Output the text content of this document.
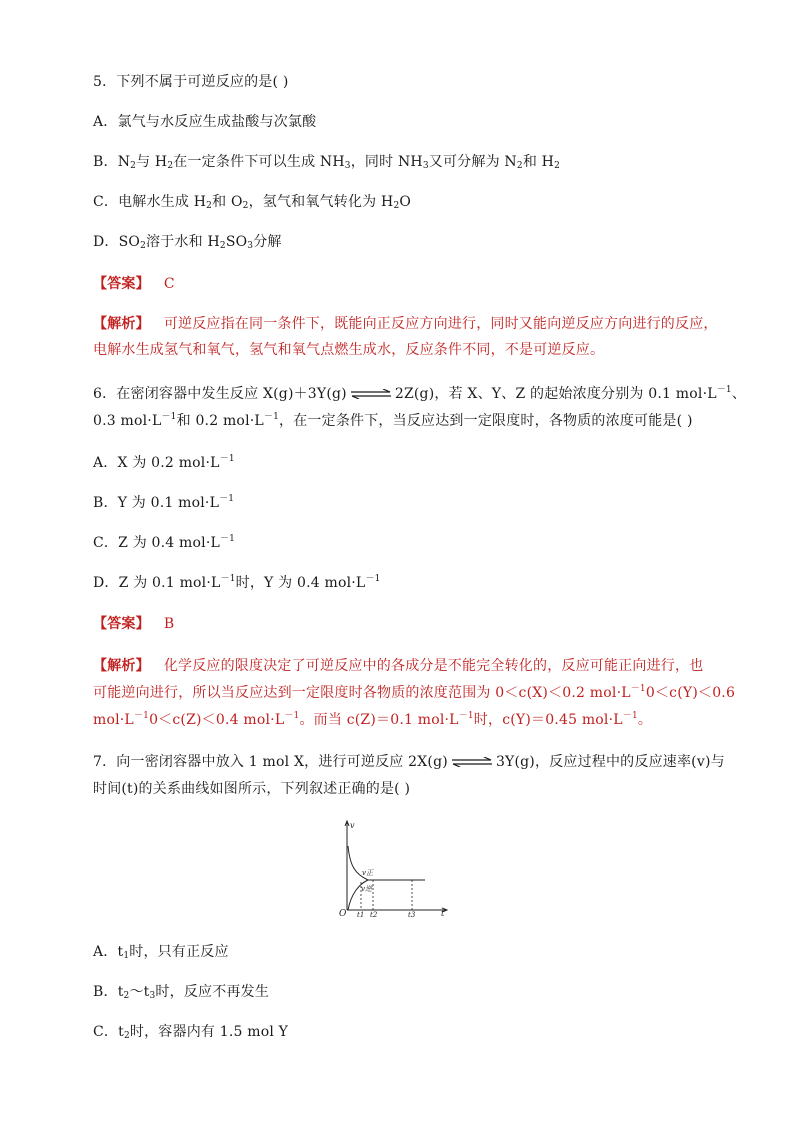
5．下列不属于可逆反应的是( )
A．氯气与水反应生成盐酸与次氯酸
B．$N_2$与 $H_2$在一定条件下可以生成 $NH_3$，同时 $NH_3$又可分解为 $N_2$和 $H_2$
C．电解水生成 $H_2$和 $O_2$，氢气和氧气转化为 $H_2O$
D．$SO_2$溶于水和 $H_2SO_3$分解
【答案】 C
【解析】 可逆反应指在同一条件下，既能向正反应方向进行，同时又能向逆反应方向进行的反应，
电解水生成氢气和氧气，氢气和氧气点燃生成水，反应条件不同，不是可逆反应。
6．在密闭容器中发生反应 X(g)＋3Y(g) ⇌ 2Z(g)，若 X、Y、Z 的起始浓度分别为 0.1 $mol\cdot L^{-1}$、
0.3 $mol\cdot L^{-1}$和 0.2 $mol\cdot L^{-1}$，在一定条件下，当反应达到一定限度时，各物质的浓度可能是( )
A．X 为 0.2 $mol\cdot L^{-1}$
B．Y 为 0.1 $mol\cdot L^{-1}$
C．Z 为 0.4 $mol\cdot L^{-1}$
D．Z 为 0.1 $mol\cdot L^{-1}$时，Y 为 0.4 $mol\cdot L^{-1}$
【答案】 B
【解析】 化学反应的限度决定了可逆反应中的各成分是不能完全转化的，反应可能正向进行，也
可能逆向进行，所以当反应达到一定限度时各物质的浓度范围为 0＜c(X)＜0.2 $mol\cdot L^{-1}0<c(Y)<0.6$
$mol\cdot L^{-1}0<c(Z)<0.4$ $mol\cdot L^{-1}$。而当 c(Z)＝0.1 $mol\cdot L^{-1}$时，c(Y)＝0.45 $mol\cdot L^{-1}$。
7．向一密闭容器中放入 1 mol X，进行可逆反应 2X(g) ⇌ 3Y(g)，反应过程中的反应速率(v)与
时间(t)的关系曲线如图所示，下列叙述正确的是( )
v
t
O
v正
v逆
t1 t2	t3
A．$t_1$时，只有正反应
B．$t_2\sim t_3$时，反应不再发生
C．$t_2$时，容器内有 1.5 mol Y
